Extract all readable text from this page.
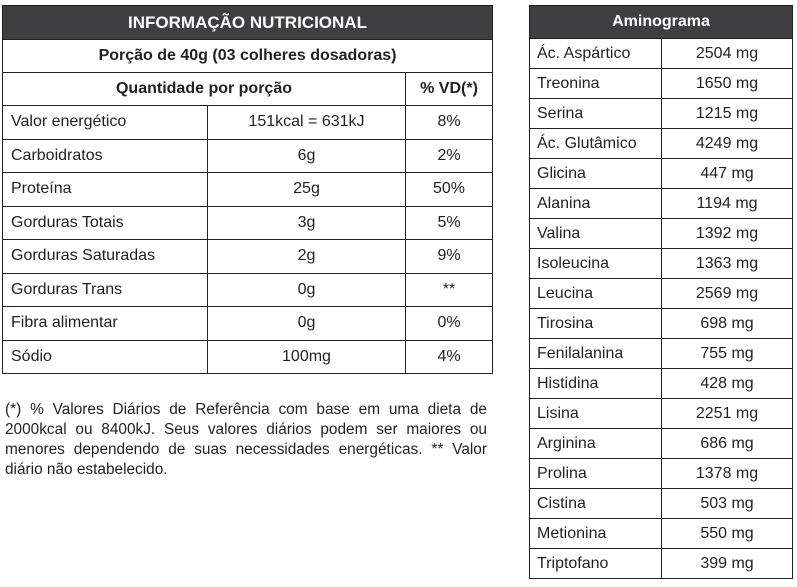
INFORMAÇÃO NUTRICIONAL		
Porção de 40g (03 colheres dosadoras)		
Quantidade por porção		% VD(*)
Valor energético	151kcal = 631kJ	8%
Carboidratos	6g	2%
Proteína	25g	50%
Gorduras Totais	3g	5%
Gorduras Saturadas	2g	9%
Gorduras Trans	0g	**
Fibra alimentar	0g	0%
Sódio	100mg	4%

(*) % Valores Diários de Referência com base em uma dieta de 2000kcal ou 8400kJ. Seus valores diários podem ser maiores ou menores dependendo de suas necessidades energéticas. ** Valor diário não estabelecido.

Aminograma	
Ác. Aspártico	2504 mg
Treonina	1650 mg
Serina	1215 mg
Ác. Glutâmico	4249 mg
Glicina	447 mg
Alanina	1194 mg
Valina	1392 mg
Isoleucina	1363 mg
Leucina	2569 mg
Tirosina	698 mg
Fenilalanina	755 mg
Histidina	428 mg
Lisina	2251 mg
Arginina	686 mg
Prolina	1378 mg
Cistina	503 mg
Metionina	550 mg
Triptofano	399 mg
